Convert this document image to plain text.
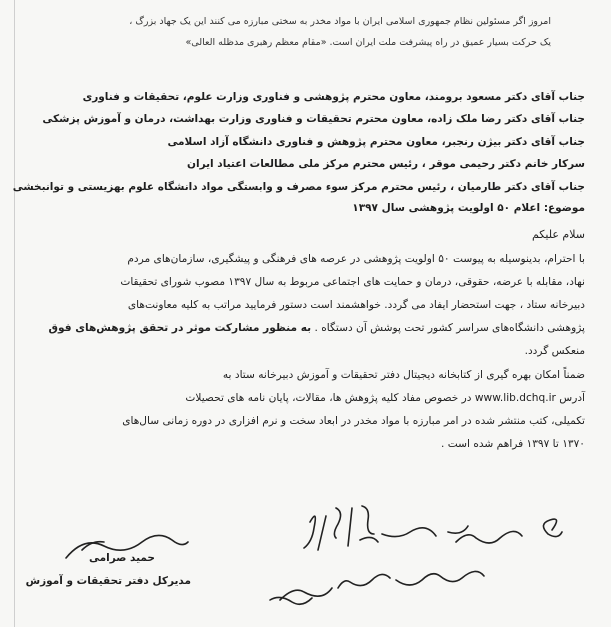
امروز اگر مسئولین نظام جمهوری اسلامی ایران با مواد مخدر به سختی مبارزه می کنند این یک جهاد بزرگ ،
یک حرکت بسیار عمیق در راه پیشرفت ملت ایران است. «مقام معظم رهبری مدظله العالی»
جناب آقای دکتر مسعود برومند، معاون محترم پژوهشی و فناوری وزارت علوم، تحقیقات و فناوری
جناب آقای دکتر رضا ملک زاده، معاون محترم تحقیقات و فناوری وزارت بهداشت، درمان و آموزش پزشکی
جناب آقای دکتر بیژن رنجبر، معاون محترم پژوهش و فناوری دانشگاه آزاد اسلامی
سرکار خانم دکتر رحیمی موقر ، رئیس محترم مرکز ملی مطالعات اعتیاد ایران
جناب آقای دکتر طارمیان ، رئیس محترم مرکز سوء مصرف و وابستگی مواد دانشگاه علوم بهزیستی و توانبخشی
موضوع: اعلام ۵۰ اولویت پژوهشی سال ۱۳۹۷
سلام علیکم
با احترام، بدینوسیله به پیوست ۵۰ اولویت پژوهشی در عرصه های فرهنگی و پیشگیری، سازمان‌های مردم
نهاد، مقابله با عرضه، حقوقی، درمان و حمایت های اجتماعی مربوط به سال ۱۳۹۷ مصوب شورای تحقیقات
دبیرخانه ستاد ، جهت استحضار ایفاد می گردد. خواهشمند است دستور فرمایید مراتب به کلیه معاونت‌های
پژوهشی دانشگاه‌های سراسر کشور تحت پوشش آن دستگاه . به منظور مشارکت موثر در تحقق پژوهش‌های فوق
منعکس گردد.
ضمناً امکان بهره گیری از کتابخانه دیجیتال دفتر تحقیقات و آموزش دبیرخانه ستاد به
آدرس www.lib.dchq.ir در خصوص مفاد کلیه پژوهش ها، مقالات، پایان نامه های تحصیلات
تکمیلی، کتب منتشر شده در امر مبارزه با مواد مخدر در ابعاد سخت و نرم افزاری در دوره زمانی سال‌های
۱۳۷۰ تا ۱۳۹۷ فراهم شده است .
حمید صرامی
مدیرکل دفتر تحقیقات و آموزش
